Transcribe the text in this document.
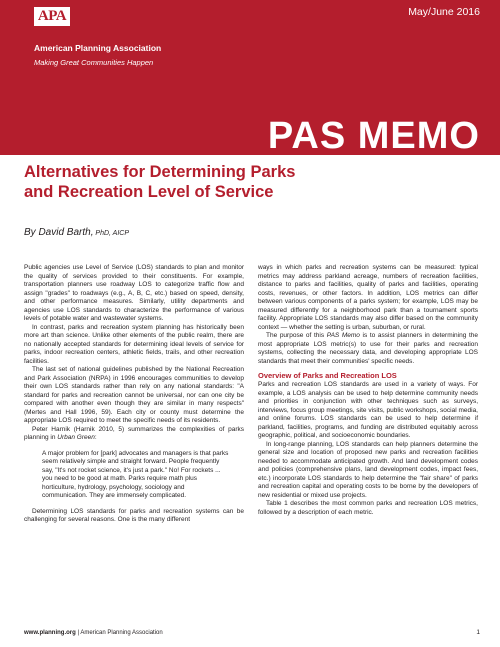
APA
American Planning Association
Making Great Communities Happen
May/June 2016
PAS MEMO
Alternatives for Determining Parks
and Recreation Level of Service
By David Barth, PhD, AICP

Public agencies use Level of Service (LOS) standards to plan and monitor the quality of services provided to their constituents. For example, transportation planners use roadway LOS to categorize traffic flow and assign "grades" to roadways (e.g., A, B, C, etc.) based on speed, density, and other performance measures. Similarly, utility departments and agencies use LOS standards to characterize the performance of various levels of potable water and wastewater systems.

In contrast, parks and recreation system planning has historically been more art than science. Unlike other elements of the public realm, there are no nationally accepted standards for determining ideal levels of service for parks, indoor recreation centers, athletic fields, trails, and other recreation facilities.

The last set of national guidelines published by the National Recreation and Park Association (NRPA) in 1996 encourages communities to develop their own LOS standards rather than rely on any national standards: "A standard for parks and recreation cannot be universal, nor can one city be compared with another even though they are similar in many respects" (Mertes and Hall 1996, 59). Each city or county must determine the appropriate LOS required to meet the specific needs of its residents.

Peter Harnik (Harnik 2010, 5) summarizes the complexities of parks planning in Urban Green:

A major problem for [park] advocates and managers is that parks seem relatively simple and straight forward. People frequently say, "It's not rocket science, it's just a park." No! For rockets ... you need to be good at math. Parks require math plus horticulture, hydrology, psychology, sociology and communication. They are immensely complicated.

Determining LOS standards for parks and recreation systems can be challenging for several reasons. One is the many different

ways in which parks and recreation systems can be measured: typical metrics may address parkland acreage, numbers of recreation facilities, distance to parks and facilities, quality of parks and facilities, operating costs, revenues, or other factors. In addition, LOS metrics can differ between various components of a parks system; for example, LOS may be measured differently for a neighborhood park than a tournament sports facility. Appropriate LOS standards may also differ based on the community context — whether the setting is urban, suburban, or rural.

The purpose of this PAS Memo is to assist planners in determining the most appropriate LOS metric(s) to use for their parks and recreation systems, collecting the necessary data, and developing appropriate LOS standards that meet their communities' specific needs.

Overview of Parks and Recreation LOS

Parks and recreation LOS standards are used in a variety of ways. For example, a LOS analysis can be used to help determine community needs and priorities in conjunction with other techniques such as surveys, interviews, focus group meetings, site visits, public workshops, social media, and online forums. LOS standards can be used to help determine if parkland, facilities, programs, and funding are distributed equitably across geographic, political, and socioeconomic boundaries.

In long-range planning, LOS standards can help planners determine the general size and location of proposed new parks and recreation facilities needed to accommodate anticipated growth. And land development codes and policies (comprehensive plans, land development codes, impact fees, etc.) incorporate LOS standards to help determine the "fair share" of parks and recreation capital and operating costs to be borne by the developers of new residential or mixed use projects.

Table 1 describes the most common parks and recreation LOS metrics, followed by a description of each metric.

www.planning.org | American Planning Association	1
